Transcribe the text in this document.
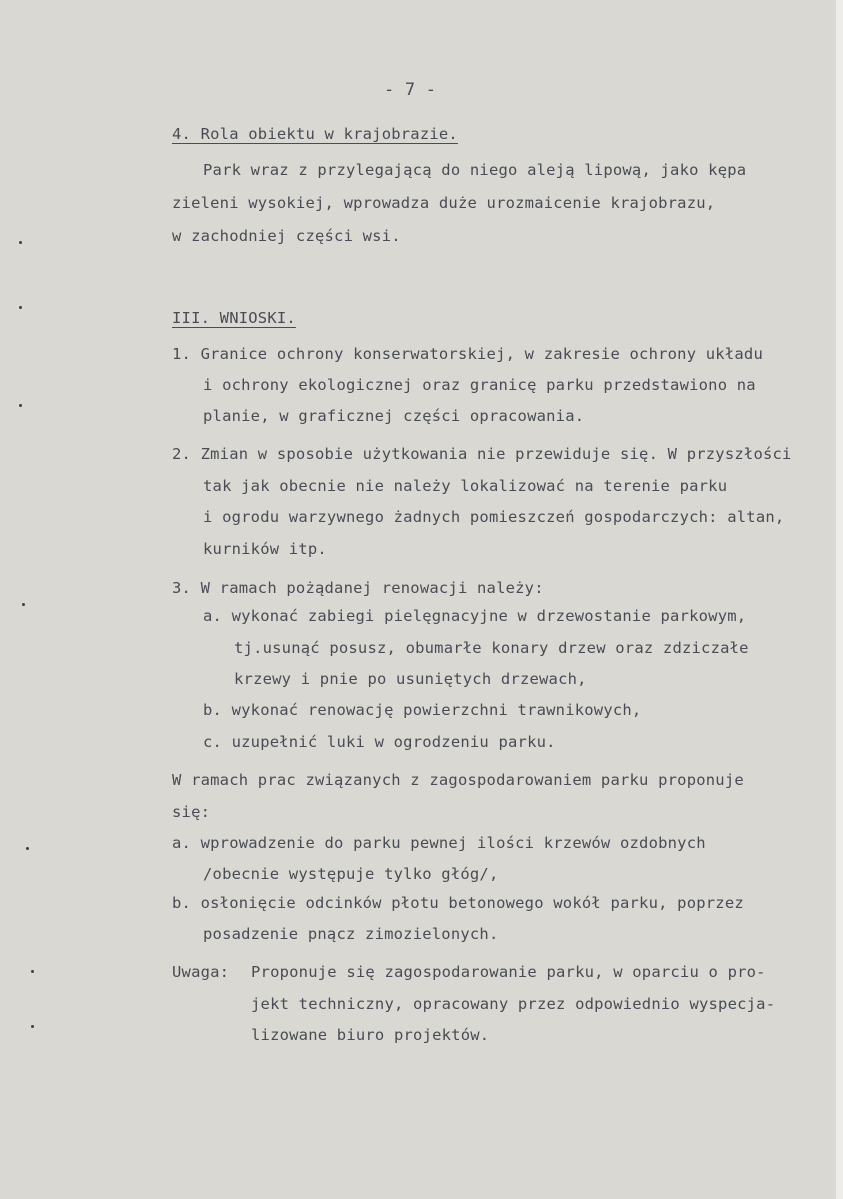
- 7 -
4. Rola obiektu w krajobrazie.
Park wraz z przylegającą do niego aleją lipową, jako kępa
zieleni wysokiej, wprowadza duże urozmaicenie krajobrazu,
w zachodniej części wsi.
III. WNIOSKI.
1. Granice ochrony konserwatorskiej, w zakresie ochrony układu
i ochrony ekologicznej oraz granicę parku przedstawiono na
planie, w graficznej części opracowania.
2. Zmian w sposobie użytkowania nie przewiduje się. W przyszłości
tak jak obecnie nie należy lokalizować na terenie parku
i ogrodu warzywnego żadnych pomieszczeń gospodarczych: altan,
kurników itp.
3. W ramach pożądanej renowacji należy:
a. wykonać zabiegi pielęgnacyjne w drzewostanie parkowym,
tj.usunąć posusz, obumarłe konary drzew oraz zdziczałe
krzewy i pnie po usuniętych drzewach,
b. wykonać renowację powierzchni trawnikowych,
c. uzupełnić luki w ogrodzeniu parku.
W ramach prac związanych z zagospodarowaniem parku proponuje
się:
a. wprowadzenie do parku pewnej ilości krzewów ozdobnych
/obecnie występuje tylko głóg/,
b. osłonięcie odcinków płotu betonowego wokół parku, poprzez
posadzenie pnącz zimozielonych.
Uwaga: Proponuje się zagospodarowanie parku, w oparciu o pro-
jekt techniczny, opracowany przez odpowiednio wyspecja-
lizowane biuro projektów.
